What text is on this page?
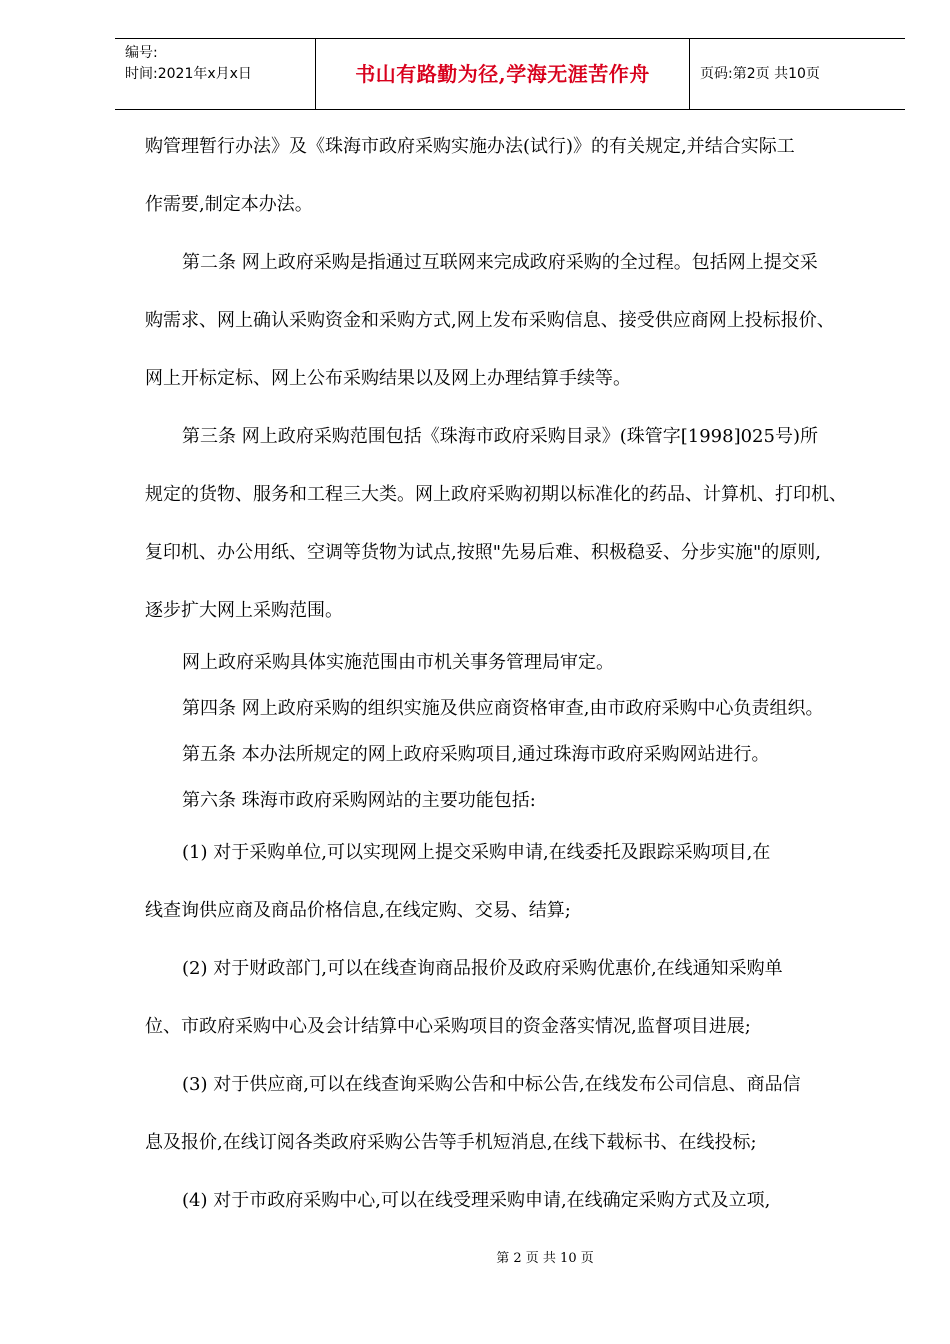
编号:
时间:2021年x月x日	书山有路勤为径,学海无涯苦作舟	页码:第2页 共10页
购管理暂行办法》及《珠海市政府采购实施办法(试行)》的有关规定,并结合实际工
作需要,制定本办法。
第二条 网上政府采购是指通过互联网来完成政府采购的全过程。包括网上提交采
购需求、网上确认采购资金和采购方式,网上发布采购信息、接受供应商网上投标报价、
网上开标定标、网上公布采购结果以及网上办理结算手续等。
第三条 网上政府采购范围包括《珠海市政府采购目录》(珠管字[1998]025号)所
规定的货物、服务和工程三大类。网上政府采购初期以标准化的药品、计算机、打印机、
复印机、办公用纸、空调等货物为试点,按照"先易后难、积极稳妥、分步实施"的原则,
逐步扩大网上采购范围。
网上政府采购具体实施范围由市机关事务管理局审定。
第四条 网上政府采购的组织实施及供应商资格审查,由市政府采购中心负责组织。
第五条 本办法所规定的网上政府采购项目,通过珠海市政府采购网站进行。
第六条 珠海市政府采购网站的主要功能包括:
(1) 对于采购单位,可以实现网上提交采购申请,在线委托及跟踪采购项目,在
线查询供应商及商品价格信息,在线定购、交易、结算;
(2) 对于财政部门,可以在线查询商品报价及政府采购优惠价,在线通知采购单
位、市政府采购中心及会计结算中心采购项目的资金落实情况,监督项目进展;
(3) 对于供应商,可以在线查询采购公告和中标公告,在线发布公司信息、商品信
息及报价,在线订阅各类政府采购公告等手机短消息,在线下载标书、在线投标;
(4) 对于市政府采购中心,可以在线受理采购申请,在线确定采购方式及立项,
第 2 页 共 10 页
